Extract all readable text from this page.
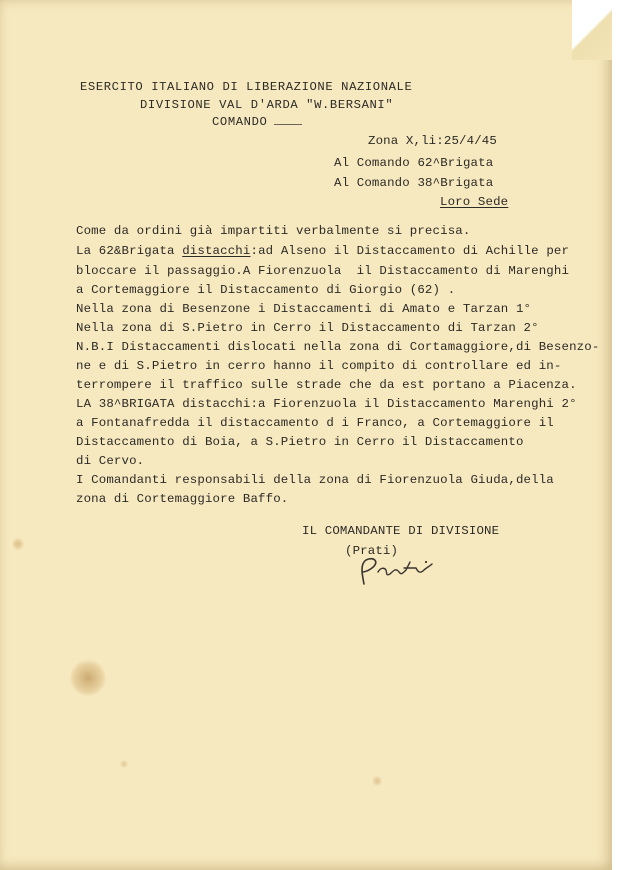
ESERCITO ITALIANO DI LIBERAZIONE NAZIONALE
DIVISIONE VAL D'ARDA "W.BERSANI"
COMANDO
Zona X,li:25/4/45
Al Comando 62^Brigata
Al Comando 38^Brigata
Loro Sede
Come da ordini già impartiti verbalmente si precisa.
La 62&Brigata distacchi:ad Alseno il Distaccamento di Achille per
bloccare il passaggio.A Fiorenzuola  il Distaccamento di Marenghi
a Cortemaggiore il Distaccamento di Giorgio (62) .
Nella zona di Besenzone i Distaccamenti di Amato e Tarzan 1°
Nella zona di S.Pietro in Cerro il Distaccamento di Tarzan 2°
N.B.I Distaccamenti dislocati nella zona di Cortamaggiore,di Besenzo-
ne e di S.Pietro in cerro hanno il compito di controllare ed in-
terrompere il traffico sulle strade che da est portano a Piacenza.
LA 38^BRIGATA distacchi:a Fiorenzuola il Distaccamento Marenghi 2°
a Fontanafredda il distaccamento d i Franco, a Cortemaggiore il
Distaccamento di Boia, a S.Pietro in Cerro il Distaccamento
di Cervo.
I Comandanti responsabili della zona di Fiorenzuola Giuda,della
zona di Cortemaggiore Baffo.
IL COMANDANTE DI DIVISIONE
(Prati)
